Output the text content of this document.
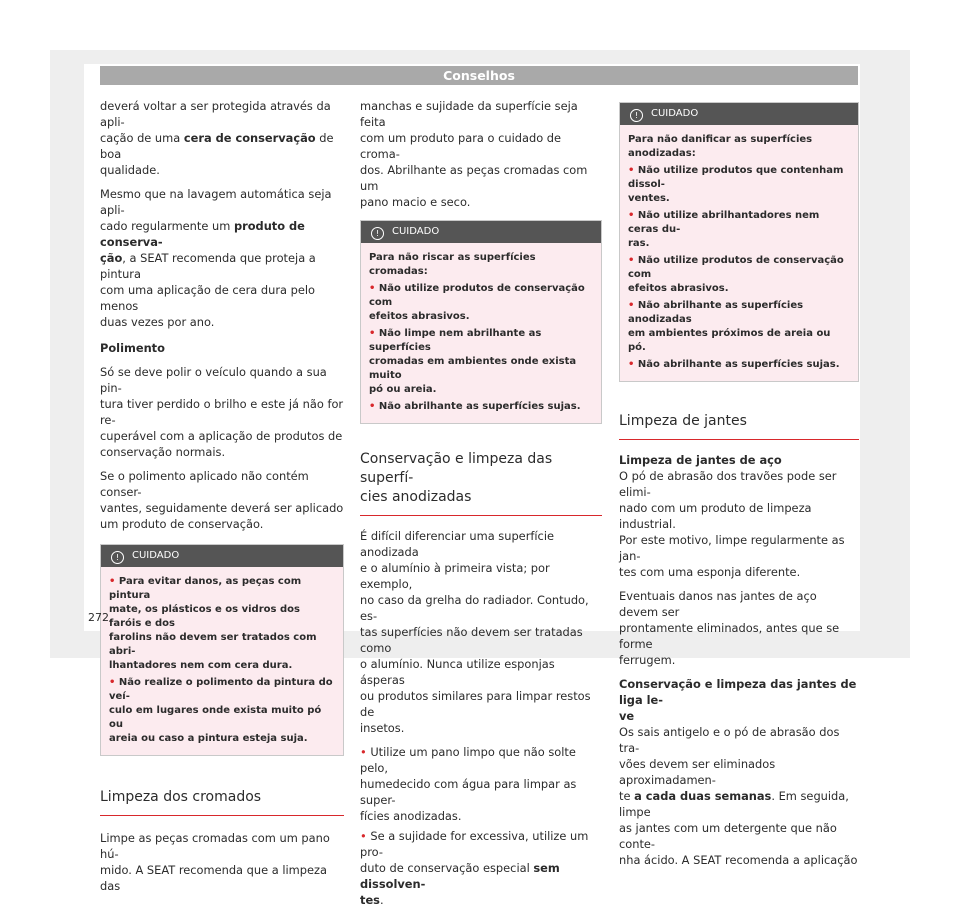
Conselhos

deverá voltar a ser protegida através da apli-
cação de uma cera de conservação de boa
qualidade.

Mesmo que na lavagem automática seja apli-
cado regularmente um produto de conserva-
ção, a SEAT recomenda que proteja a pintura
com uma aplicação de cera dura pelo menos
duas vezes por ano.

Polimento

Só se deve polir o veículo quando a sua pin-
tura tiver perdido o brilho e este já não for re-
cuperável com a aplicação de produtos de
conservação normais.

Se o polimento aplicado não contém conser-
vantes, seguidamente deverá ser aplicado
um produto de conservação.

! CUIDADO
• Para evitar danos, as peças com pintura
mate, os plásticos e os vidros dos faróis e dos
farolins não devem ser tratados com abri-
lhantadores nem com cera dura.
• Não realize o polimento da pintura do veí-
culo em lugares onde exista muito pó ou
areia ou caso a pintura esteja suja.
Limpeza dos cromados

Limpe as peças cromadas com um pano hú-
mido. A SEAT recomenda que a limpeza das

manchas e sujidade da superfície seja feita
com um produto para o cuidado de croma-
dos. Abrilhante as peças cromadas com um
pano macio e seco.

! CUIDADO
Para não riscar as superfícies cromadas:
• Não utilize produtos de conservação com
efeitos abrasivos.
• Não limpe nem abrilhante as superfícies
cromadas em ambientes onde exista muito
pó ou areia.
• Não abrilhante as superfícies sujas.
Conservação e limpeza das superfí-
cies anodizadas

É difícil diferenciar uma superfície anodizada
e o alumínio à primeira vista; por exemplo,
no caso da grelha do radiador. Contudo, es-
tas superfícies não devem ser tratadas como
o alumínio. Nunca utilize esponjas ásperas
ou produtos similares para limpar restos de
insetos.

• Utilize um pano limpo que não solte pelo,
humedecido com água para limpar as super-
fícies anodizadas.

• Se a sujidade for excessiva, utilize um pro-
duto de conservação especial sem dissolven-
tes.

! CUIDADO
Para não danificar as superfícies anodizadas:
• Não utilize produtos que contenham dissol-
ventes.
• Não utilize abrilhantadores nem ceras du-
ras.
• Não utilize produtos de conservação com
efeitos abrasivos.
• Não abrilhante as superfícies anodizadas
em ambientes próximos de areia ou pó.
• Não abrilhante as superfícies sujas.
Limpeza de jantes

Limpeza de jantes de aço

O pó de abrasão dos travões pode ser elimi-
nado com um produto de limpeza industrial.
Por este motivo, limpe regularmente as jan-
tes com uma esponja diferente.

Eventuais danos nas jantes de aço devem ser
prontamente eliminados, antes que se forme
ferrugem.

Conservação e limpeza das jantes de liga le-
ve

Os sais antigelo e o pó de abrasão dos tra-
vões devem ser eliminados aproximadamen-
te a cada duas semanas. Em seguida, limpe
as jantes com um detergente que não conte-
nha ácido. A SEAT recomenda a aplicação

272
